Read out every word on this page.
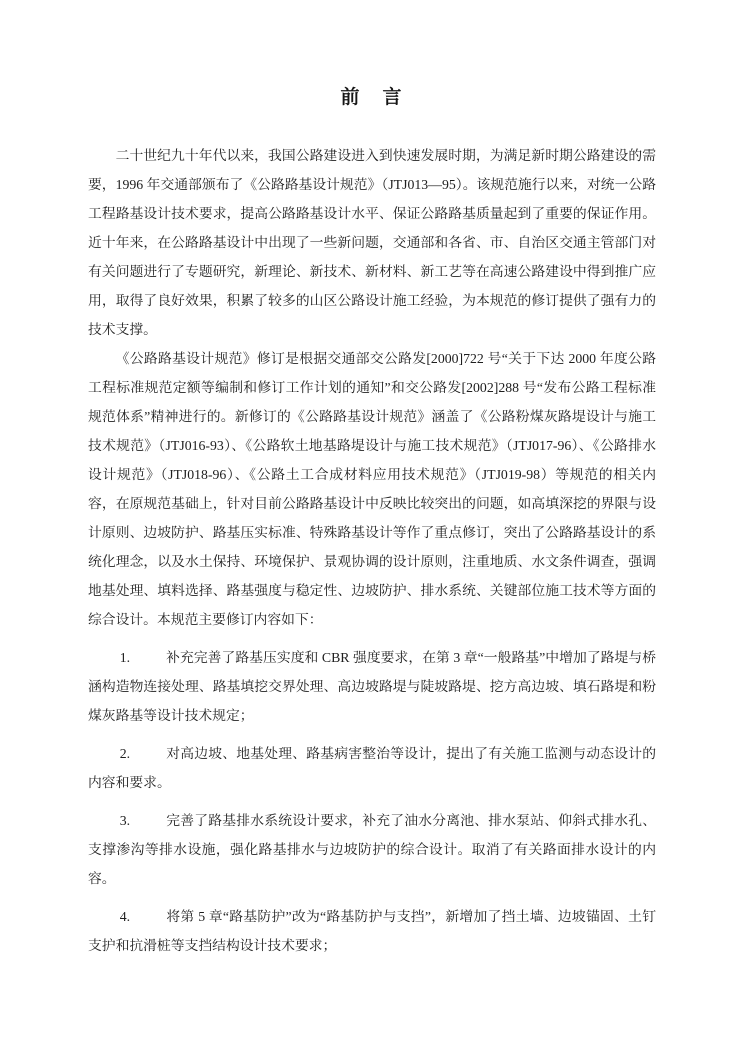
前　言

二十世纪九十年代以来，我国公路建设进入到快速发展时期，为满足新时期公路建设的需要，1996 年交通部颁布了《公路路基设计规范》（JTJ013—95）。该规范施行以来，对统一公路工程路基设计技术要求，提高公路路基设计水平、保证公路路基质量起到了重要的保证作用。近十年来，在公路路基设计中出现了一些新问题，交通部和各省、市、自治区交通主管部门对有关问题进行了专题研究，新理论、新技术、新材料、新工艺等在高速公路建设中得到推广应用，取得了良好效果，积累了较多的山区公路设计施工经验，为本规范的修订提供了强有力的技术支撑。

《公路路基设计规范》修订是根据交通部交公路发[2000]722 号“关于下达 2000 年度公路工程标准规范定额等编制和修订工作计划的通知”和交公路发[2002]288 号“发布公路工程标准规范体系”精神进行的。新修订的《公路路基设计规范》涵盖了《公路粉煤灰路堤设计与施工技术规范》（JTJ016-93）、《公路软土地基路堤设计与施工技术规范》（JTJ017-96）、《公路排水设计规范》（JTJ018-96）、《公路土工合成材料应用技术规范》（JTJ019-98）等规范的相关内容，在原规范基础上，针对目前公路路基设计中反映比较突出的问题，如高填深挖的界限与设计原则、边坡防护、路基压实标准、特殊路基设计等作了重点修订，突出了公路路基设计的系统化理念，以及水土保持、环境保护、景观协调的设计原则，注重地质、水文条件调查，强调地基处理、填料选择、路基强度与稳定性、边坡防护、排水系统、关键部位施工技术等方面的综合设计。本规范主要修订内容如下：

1.	补充完善了路基压实度和 CBR 强度要求，在第 3 章“一般路基”中增加了路堤与桥涵构造物连接处理、路基填挖交界处理、高边坡路堤与陡坡路堤、挖方高边坡、填石路堤和粉煤灰路基等设计技术规定；

2.	对高边坡、地基处理、路基病害整治等设计，提出了有关施工监测与动态设计的内容和要求。

3.	完善了路基排水系统设计要求，补充了油水分离池、排水泵站、仰斜式排水孔、支撑渗沟等排水设施，强化路基排水与边坡防护的综合设计。取消了有关路面排水设计的内容。

4.	将第 5 章“路基防护”改为“路基防护与支挡”，新增加了挡土墙、边坡锚固、土钉支护和抗滑桩等支挡结构设计技术要求；
